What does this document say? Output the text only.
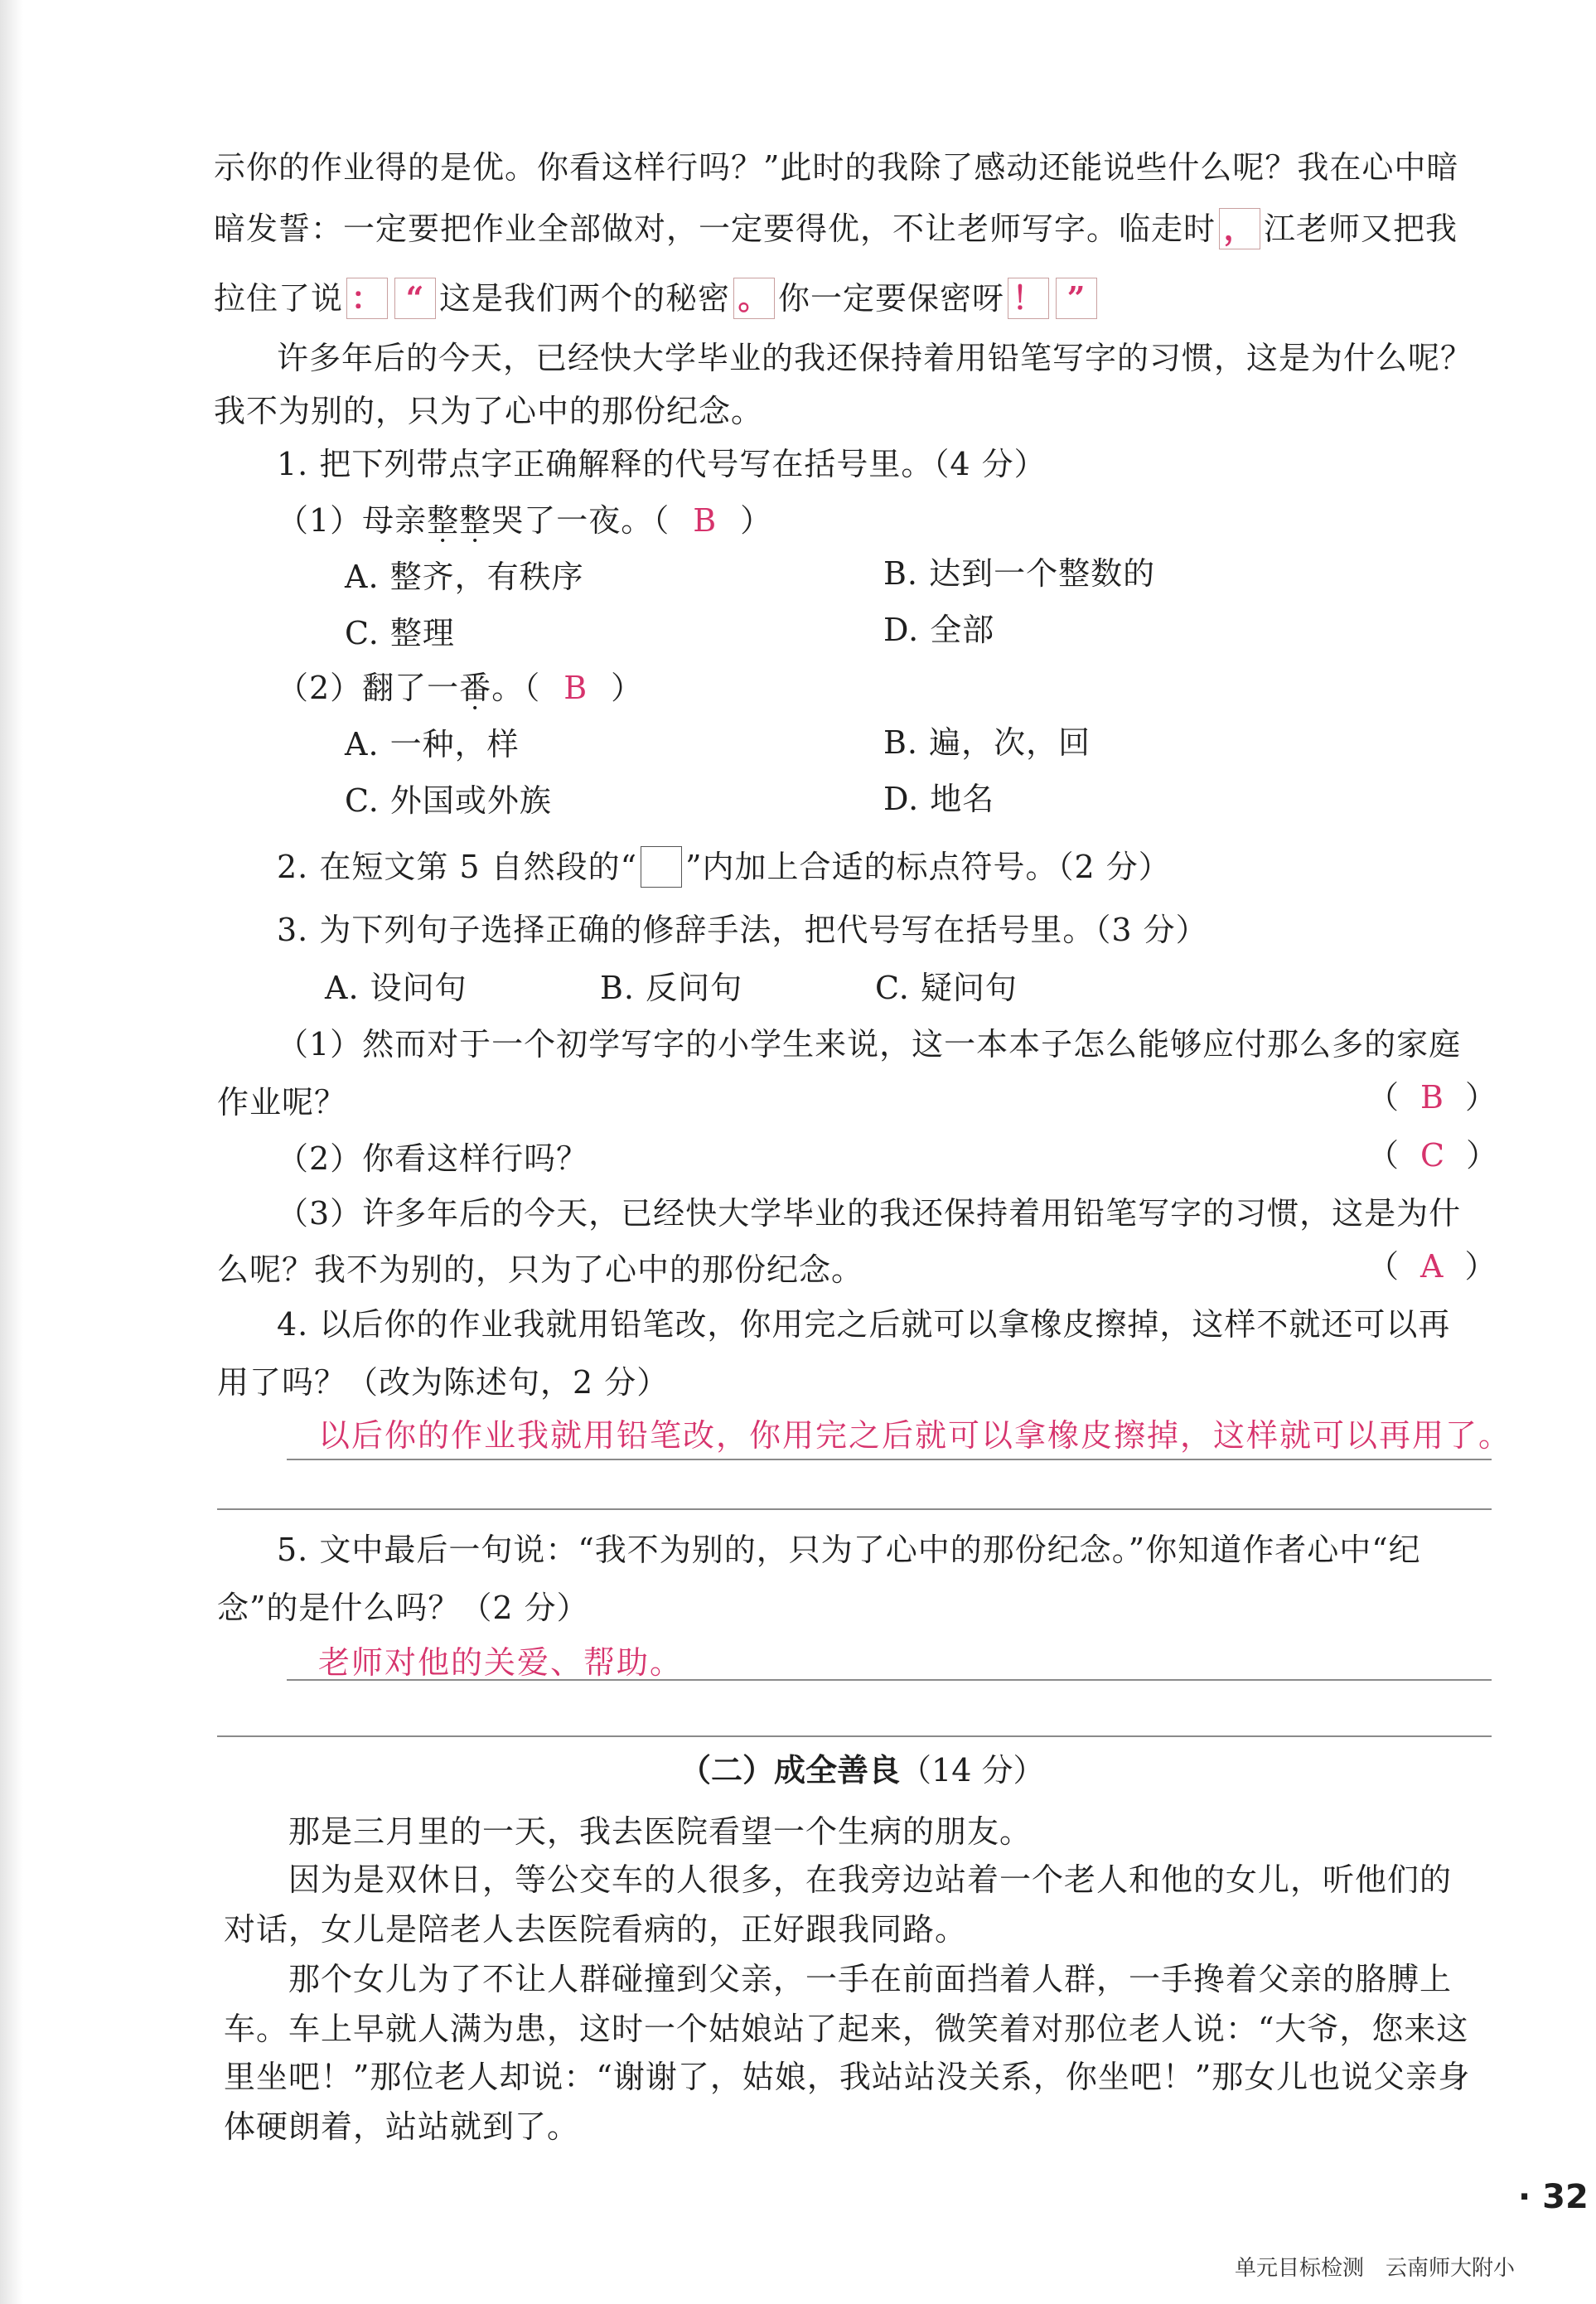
示你的作业得的是优。你看这样行吗？”此时的我除了感动还能说些什么呢？我在心中暗
暗发誓：一定要把作业全部做对，一定要得优，不让老师写字。临走时 ， 江老师又把我
拉住了说 ： “ 这是我们两个的秘密 。 你一定要保密呀 ！ ”
许多年后的今天，已经快大学毕业的我还保持着用铅笔写字的习惯，这是为什么呢？
我不为别的，只为了心中的那份纪念。
1. 把下列带点字正确解释的代号写在括号里。（4 分）
（1）母亲整整哭了一夜。（ B ）
A. 整齐，有秩序	B. 达到一个整数的
C. 整理	D. 全部
（2）翻了一番。（ B ）
A. 一种，样	B. 遍，次，回
C. 外国或外族	D. 地名
2. 在短文第 5 自然段的“ ”内加上合适的标点符号。（2 分）
3. 为下列句子选择正确的修辞手法，把代号写在括号里。（3 分）
A. 设问句	B. 反问句	C. 疑问句
（1）然而对于一个初学写字的小学生来说，这一本本子怎么能够应付那么多的家庭
作业呢？	（ B ）
（2）你看这样行吗？	（ C ）
（3）许多年后的今天，已经快大学毕业的我还保持着用铅笔写字的习惯，这是为什
么呢？我不为别的，只为了心中的那份纪念。	（ A ）
4. 以后你的作业我就用铅笔改，你用完之后就可以拿橡皮擦掉，这样不就还可以再
用了吗？（改为陈述句，2 分）
以后你的作业我就用铅笔改，你用完之后就可以拿橡皮擦掉，这样就可以再用了。
5. 文中最后一句说：“我不为别的，只为了心中的那份纪念。”你知道作者心中“纪
念”的是什么吗？（2 分）
老师对他的关爱、帮助。
（二）成全善良（14 分）
那是三月里的一天，我去医院看望一个生病的朋友。
因为是双休日，等公交车的人很多，在我旁边站着一个老人和他的女儿，听他们的
对话，女儿是陪老人去医院看病的，正好跟我同路。
那个女儿为了不让人群碰撞到父亲，一手在前面挡着人群，一手搀着父亲的胳膊上
车。车上早就人满为患，这时一个姑娘站了起来，微笑着对那位老人说：“大爷，您来这
里坐吧！”那位老人却说：“谢谢了，姑娘，我站站没关系，你坐吧！”那女儿也说父亲身
体硬朗着，站站就到了。
· 32
单元目标检测　云南师大附小
